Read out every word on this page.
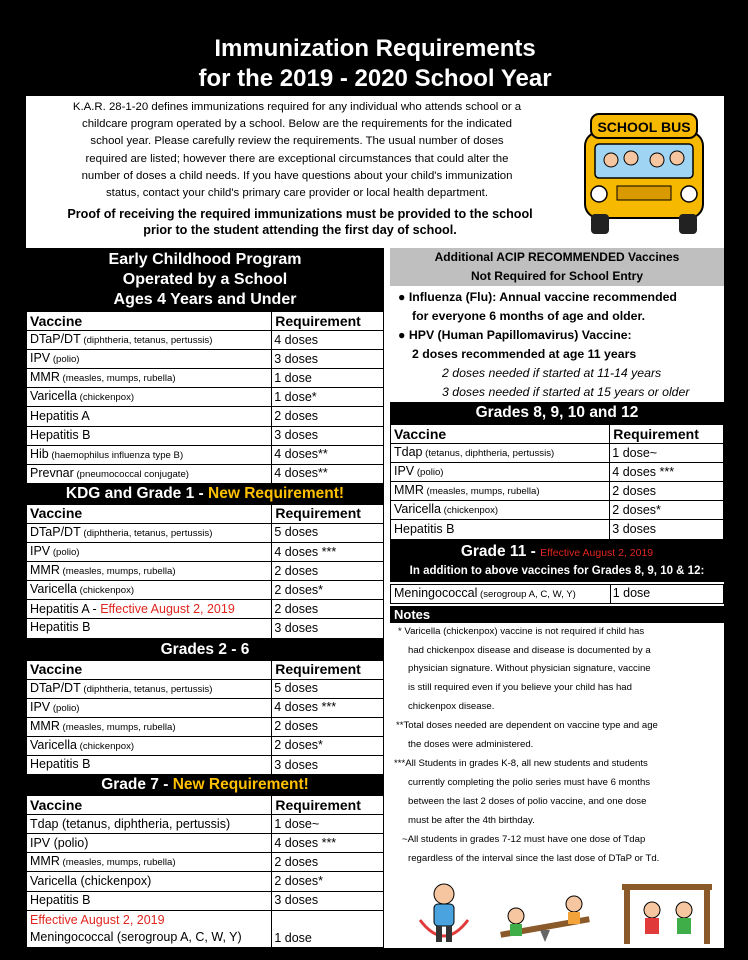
Immunization Requirements
for the 2019 - 2020 School Year
K.A.R. 28-1-20 defines immunizations required for any individual who attends school or a
childcare program operated by a school. Below are the requirements for the indicated
school year. Please carefully review the requirements. The usual number of doses
required are listed; however there are exceptional circumstances that could alter the
number of doses a child needs. If you have questions about your child's immunization
status, contact your child's primary care provider or local health department.
Proof of receiving the required immunizations must be provided to the school
prior to the student attending the first day of school.
SCHOOL BUS
Early Childhood Program
Operated by a School
Ages 4 Years and Under
Vaccine	Requirement
DTaP/DT (diphtheria, tetanus, pertussis)	4 doses
IPV (polio)	3 doses
MMR (measles, mumps, rubella)	1 dose
Varicella (chickenpox)	1 dose*
Hepatitis A	2 doses
Hepatitis B	3 doses
Hib (haemophilus influenza type B)	4 doses**
Prevnar (pneumococcal conjugate)	4 doses**
KDG and Grade 1 - New Requirement!
Vaccine	Requirement
DTaP/DT (diphtheria, tetanus, pertussis)	5 doses
IPV (polio)	4 doses ***
MMR (measles, mumps, rubella)	2 doses
Varicella (chickenpox)	2 doses*
Hepatitis A - Effective August 2, 2019	2 doses
Hepatitis B	3 doses
Grades 2 - 6
Vaccine	Requirement
DTaP/DT (diphtheria, tetanus, pertussis)	5 doses
IPV (polio)	4 doses ***
MMR (measles, mumps, rubella)	2 doses
Varicella (chickenpox)	2 doses*
Hepatitis B	3 doses
Grade 7 - New Requirement!
Vaccine	Requirement
Tdap (tetanus, diphtheria, pertussis)	1 dose~
IPV (polio)	4 doses ***
MMR (measles, mumps, rubella)	2 doses
Varicella (chickenpox)	2 doses*
Hepatitis B	3 doses

Effective August 2, 2019
Meningococcal (serogroup A, C, W, Y)	1 dose
Additional ACIP RECOMMENDED Vaccines
Not Required for School Entry
● Influenza (Flu): Annual vaccine recommended
for everyone 6 months of age and older.
● HPV (Human Papillomavirus) Vaccine:
2 doses recommended at age 11 years
2 doses needed if started at 11-14 years
3 doses needed if started at 15 years or older
Grades 8, 9, 10 and 12
Vaccine	Requirement
Tdap (tetanus, diphtheria, pertussis)	1 dose~
IPV (polio)	4 doses ***
MMR (measles, mumps, rubella)	2 doses
Varicella (chickenpox)	2 doses*
Hepatitis B	3 doses
Grade 11 - Effective August 2, 2019
In addition to above vaccines for Grades 8, 9, 10 & 12:
Meningococcal (serogroup A, C, W, Y)	1 dose
Notes
* Varicella (chickenpox) vaccine is not required if child has
had chickenpox disease and disease is documented by a
physician signature. Without physician signature, vaccine
is still required even if you believe your child has had
chickenpox disease.
**Total doses needed are dependent on vaccine type and age
the doses were administered.
***All Students in grades K-8, all new students and students
currently completing the polio series must have 6 months
between the last 2 doses of polio vaccine, and one dose
must be after the 4th birthday.
~All students in grades 7-12 must have one dose of Tdap
regardless of the interval since the last dose of DTaP or Td.
